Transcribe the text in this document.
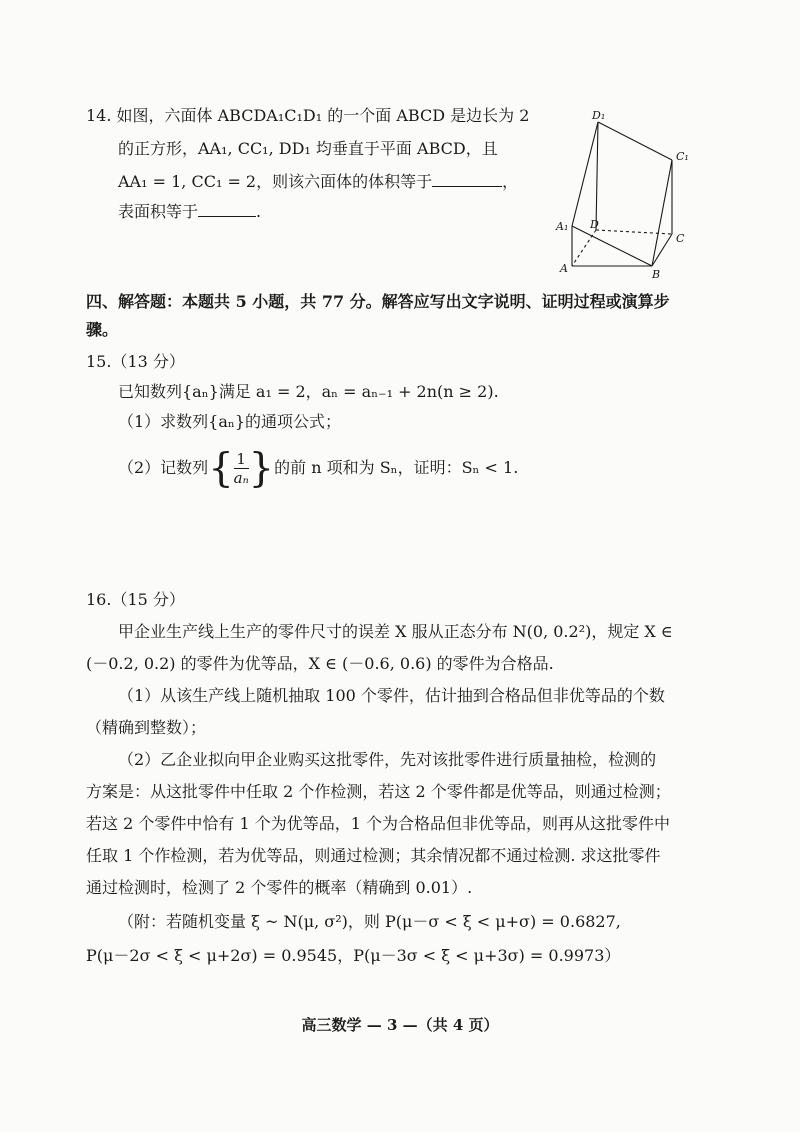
14. 如图，六面体 ABCDA₁C₁D₁ 的一个面 ABCD 是边长为 2
的正方形，AA₁, CC₁, DD₁ 均垂直于平面 ABCD，且
AA₁ = 1, CC₁ = 2，则该六面体的体积等于	，
表面积等于	.
D₁
C₁
A₁ D
C
A	B
四、解答题：本题共 5 小题，共 77 分。解答应写出文字说明、证明过程或演算步
骤。
15.（13 分）
已知数列{aₙ}满足 a₁ = 2，aₙ = aₙ₋₁ + 2n(n ≥ 2).
（1）求数列{aₙ}的通项公式；
（2）记数列{ $\frac{1}{\text{aₙ}}$ }的前 n 项和为 Sₙ，证明：Sₙ < 1.
16.（15 分）
甲企业生产线上生产的零件尺寸的误差 X 服从正态分布 N(0, 0.2²)，规定 X ∈
(－0.2, 0.2) 的零件为优等品，X ∈ (－0.6, 0.6) 的零件为合格品.
（1）从该生产线上随机抽取 100 个零件，估计抽到合格品但非优等品的个数
（精确到整数）；
（2）乙企业拟向甲企业购买这批零件，先对该批零件进行质量抽检，检测的
方案是：从这批零件中任取 2 个作检测，若这 2 个零件都是优等品，则通过检测；
若这 2 个零件中恰有 1 个为优等品，1 个为合格品但非优等品，则再从这批零件中
任取 1 个作检测，若为优等品，则通过检测；其余情况都不通过检测. 求这批零件
通过检测时，检测了 2 个零件的概率（精确到 0.01）.
（附：若随机变量 ξ ~ N(μ, σ²)，则 P(μ－σ < ξ < μ+σ) = 0.6827,
P(μ－2σ < ξ < μ+2σ) = 0.9545，P(μ－3σ < ξ < μ+3σ) = 0.9973）
高三数学 — 3 —（共 4 页）
